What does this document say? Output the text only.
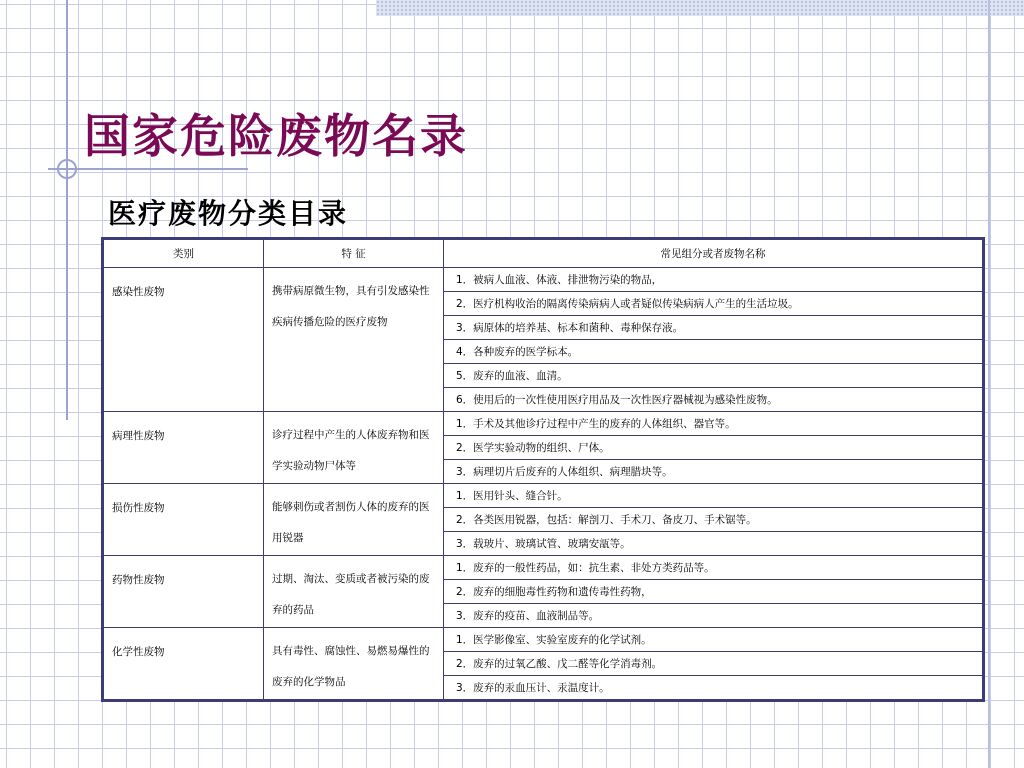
国家危险废物名录
医疗废物分类目录
类别	特 征	常见组分或者废物名称
感染性废物	携带病原微生物，具有引发感染性疾病传播危险的医疗废物	1．被病人血液、体液、排泄物污染的物品，
		2．医疗机构收治的隔离传染病病人或者疑似传染病病人产生的生活垃圾。
		3．病原体的培养基、标本和菌种、毒种保存液。
		4．各种废弃的医学标本。
		5．废弃的血液、血清。
		6．使用后的一次性使用医疗用品及一次性医疗器械视为感染性废物。
病理性废物	诊疗过程中产生的人体废弃物和医学实验动物尸体等	1．手术及其他诊疗过程中产生的废弃的人体组织、器官等。
		2．医学实验动物的组织、尸体。
		3．病理切片后废弃的人体组织、病理腊块等。
损伤性废物	能够刺伤或者割伤人体的废弃的医用锐器	1．医用针头、缝合针。
		2．各类医用锐器，包括：解剖刀、手术刀、备皮刀、手术锯等。
		3．载玻片、玻璃试管、玻璃安瓿等。
药物性废物	过期、淘汰、变质或者被污染的废弃的药品	1．废弃的一般性药品，如：抗生素、非处方类药品等。
		2．废弃的细胞毒性药物和遗传毒性药物，
		3．废弃的疫苗、血液制品等。
化学性废物	具有毒性、腐蚀性、易燃易爆性的废弃的化学物品	1．医学影像室、实验室废弃的化学试剂。
		2．废弃的过氧乙酸、戊二醛等化学消毒剂。
		3．废弃的汞血压计、汞温度计。
